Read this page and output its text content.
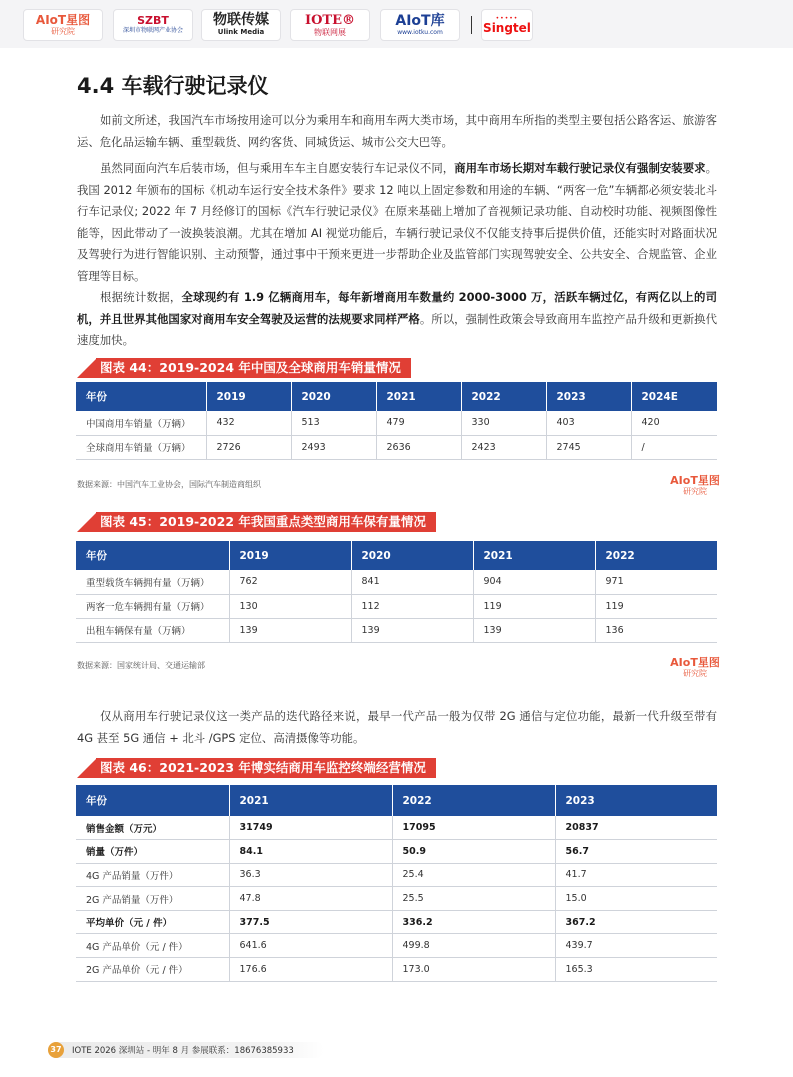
AIoT星图
研究院
SZBT
深圳市物联网产业协会
物联传媒
Ulink Media
IOTE®
物联网展
AIoT库
www.iotku.com
•••••
Singtel
4.4 车载行驶记录仪

如前文所述，我国汽车市场按用途可以分为乘用车和商用车两大类市场，其中商用车所指的类型主要包括公路客运、旅游客运、危化品运输车辆、重型载货、网约客货、同城货运、城市公交大巴等。

虽然同面向汽车后装市场，但与乘用车车主自愿安装行车记录仪不同，商用车市场长期对车载行驶记录仪有强制安装要求。我国 2012 年颁布的国标《机动车运行安全技术条件》要求 12 吨以上固定参数和用途的车辆、“两客一危”车辆都必须安装北斗行车记录仪; 2022 年 7 月经修订的国标《汽车行驶记录仪》在原来基础上增加了音视频记录功能、自动校时功能、视频图像性能等，因此带动了一波换装浪潮。尤其在增加 AI 视觉功能后，车辆行驶记录仪不仅能支持事后提供价值，还能实时对路面状况及驾驶行为进行智能识别、主动预警，通过事中干预来更进一步帮助企业及监管部门实现驾驶安全、公共安全、合规监管、企业管理等目标。

根据统计数据，全球现约有 1.9 亿辆商用车，每年新增商用车数量约 2000-3000 万，活跃车辆过亿，有两亿以上的司机，并且世界其他国家对商用车安全驾驶及运营的法规要求同样严格。所以，强制性政策会导致商用车监控产品升级和更新换代速度加快。

图表 44：2019-2024 年中国及全球商用车销量情况
年份	2019	2020	2021	2022	2023	2024E
中国商用车销量（万辆）	432	513	479	330	403	420
全球商用车销量（万辆）	2726	2493	2636	2423	2745	/
数据来源：中国汽车工业协会，国际汽车制造商组织	AIoT星图
研究院
图表 45：2019-2022 年我国重点类型商用车保有量情况
年份	2019	2020	2021	2022
重型载货车辆拥有量（万辆）	762	841	904	971
两客一危车辆拥有量（万辆）	130	112	119	119
出租车辆保有量（万辆）	139	139	139	136
数据来源：国家统计局、交通运输部	AIoT星图
研究院

仅从商用车行驶记录仪这一类产品的迭代路径来说，最早一代产品一般为仅带 2G 通信与定位功能，最新一代升级至带有 4G 甚至 5G 通信 + 北斗 /GPS 定位、高清摄像等功能。

图表 46：2021-2023 年博实结商用车监控终端经营情况
年份	2021	2022	2023
销售金额（万元）	31749	17095	20837
销量（万件）	84.1	50.9	56.7
4G 产品销量（万件）	36.3	25.4	41.7
2G 产品销量（万件）	47.8	25.5	15.0
平均单价（元 / 件）	377.5	336.2	367.2
4G 产品单价（元 / 件）	641.6	499.8	439.7
2G 产品单价（元 / 件）	176.6	173.0	165.3
37 IOTE 2026 深圳站 - 明年 8 月 参展联系：18676385933
